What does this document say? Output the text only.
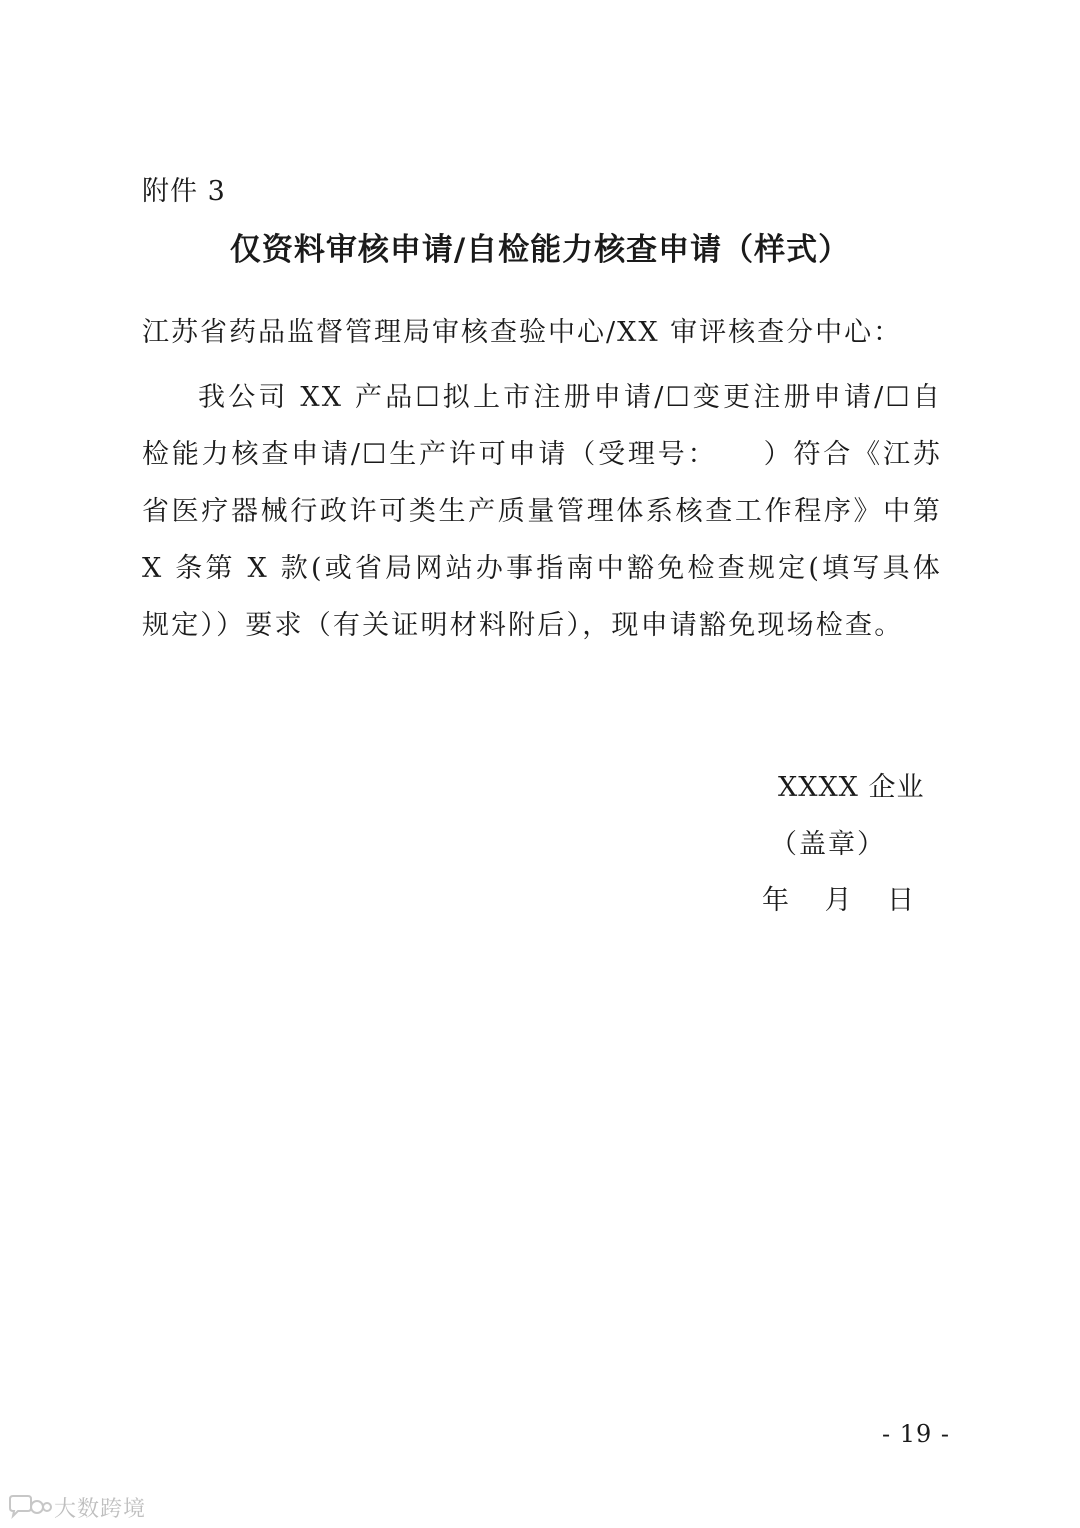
附件 3
仅资料审核申请/自检能力核查申请（样式）
江苏省药品监督管理局审核查验中心/XX 审评核查分中心：
我公司 XX 产品☐拟上市注册申请/☐变更注册申请/☐自检能力核查申请/☐生产许可申请（受理号：　　）符合《江苏省医疗器械行政许可类生产质量管理体系核查工作程序》中第 X 条第 X 款(或省局网站办事指南中豁免检查规定(填写具体规定））要求（有关证明材料附后），现申请豁免现场检查。
XXXX 企业
（盖章）
年　 月　 日
- 19 -
大数跨境
